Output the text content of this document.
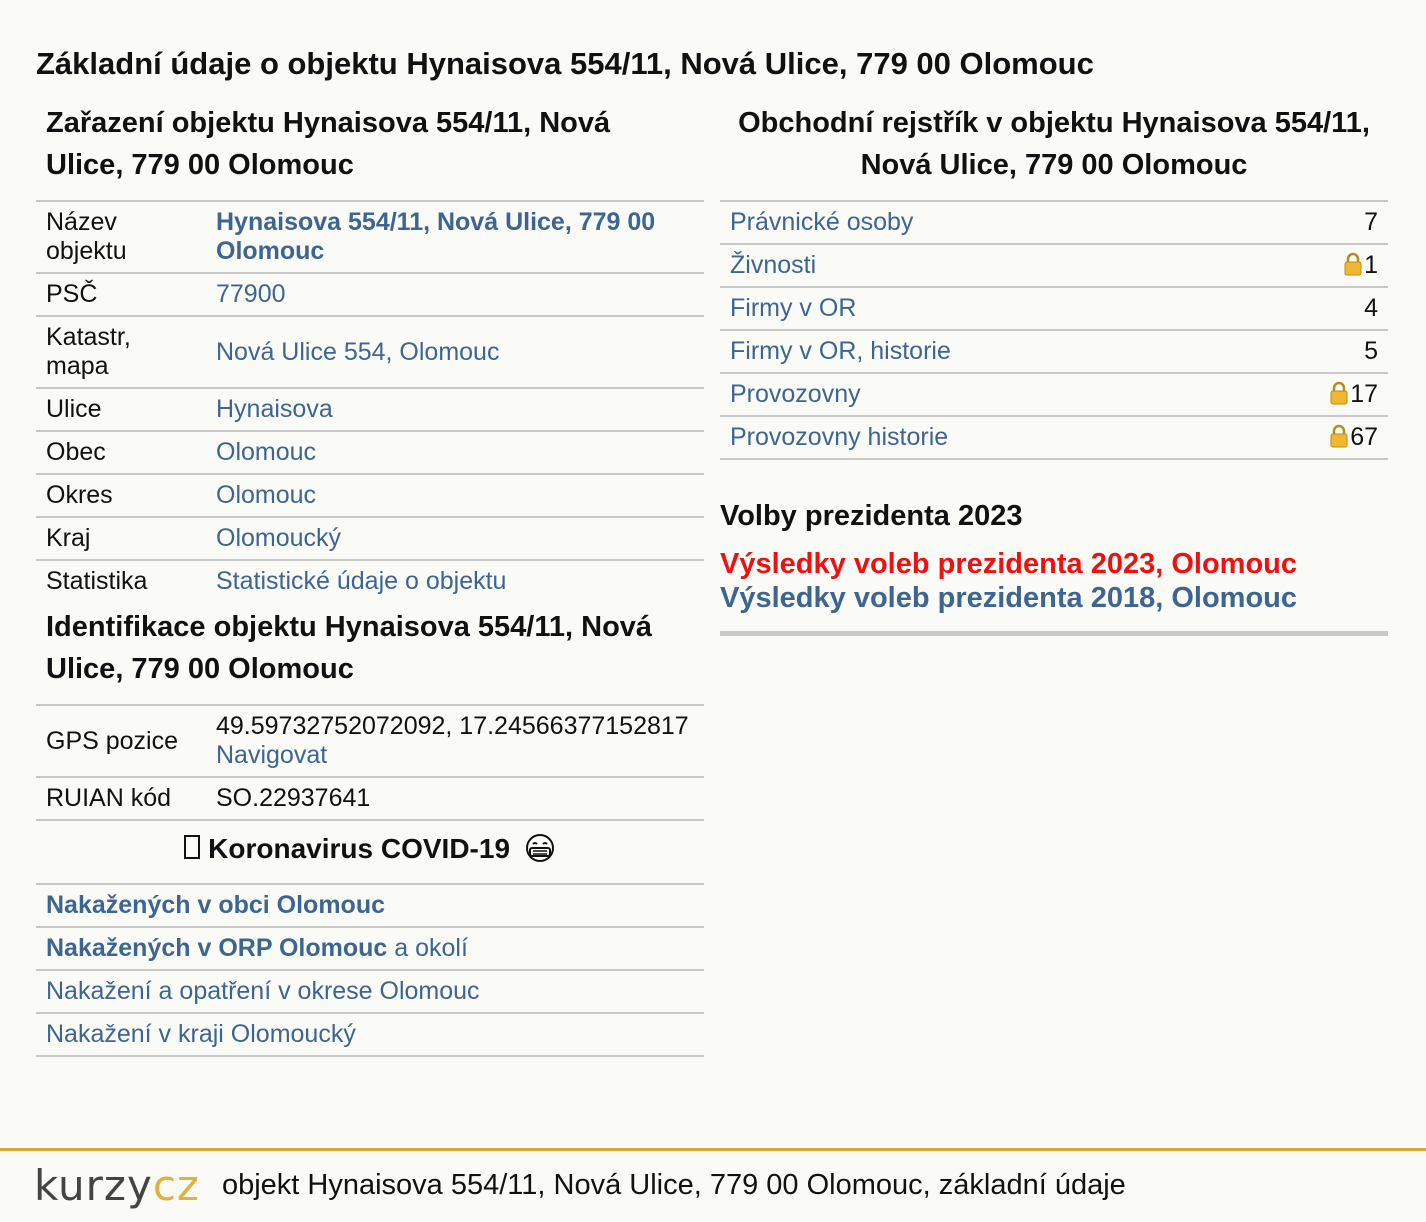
Základní údaje o objektu Hynaisova 554/11, Nová Ulice, 779 00 Olomouc
Zařazení objektu Hynaisova 554/11, Nová Ulice, 779 00 Olomouc
Název objektu	Hynaisova 554/11, Nová Ulice, 779 00 Olomouc
PSČ	77900
Katastr, mapa	Nová Ulice 554, Olomouc
Ulice	Hynaisova
Obec	Olomouc
Okres	Olomouc
Kraj	Olomoucký
Statistika	Statistické údaje o objektu
Identifikace objektu Hynaisova 554/11, Nová Ulice, 779 00 Olomouc
GPS pozice	49.59732752072092, 17.24566377152817
Navigovat
RUIAN kód	SO.22937641
Koronavirus COVID-19
Nakažených v obci Olomouc
Nakažených v ORP Olomouc a okolí
Nakažení a opatření v okrese Olomouc
Nakažení v kraji Olomoucký
Obchodní rejstřík v objektu Hynaisova 554/11, Nová Ulice, 779 00 Olomouc
Právnické osoby	7
Živnosti	1
Firmy v OR	4
Firmy v OR, historie	5
Provozovny	17
Provozovny historie	67
Volby prezidenta 2023
Výsledky voleb prezidenta 2023, Olomouc
Výsledky voleb prezidenta 2018, Olomouc
kurzy cz objekt Hynaisova 554/11, Nová Ulice, 779 00 Olomouc, základní údaje
